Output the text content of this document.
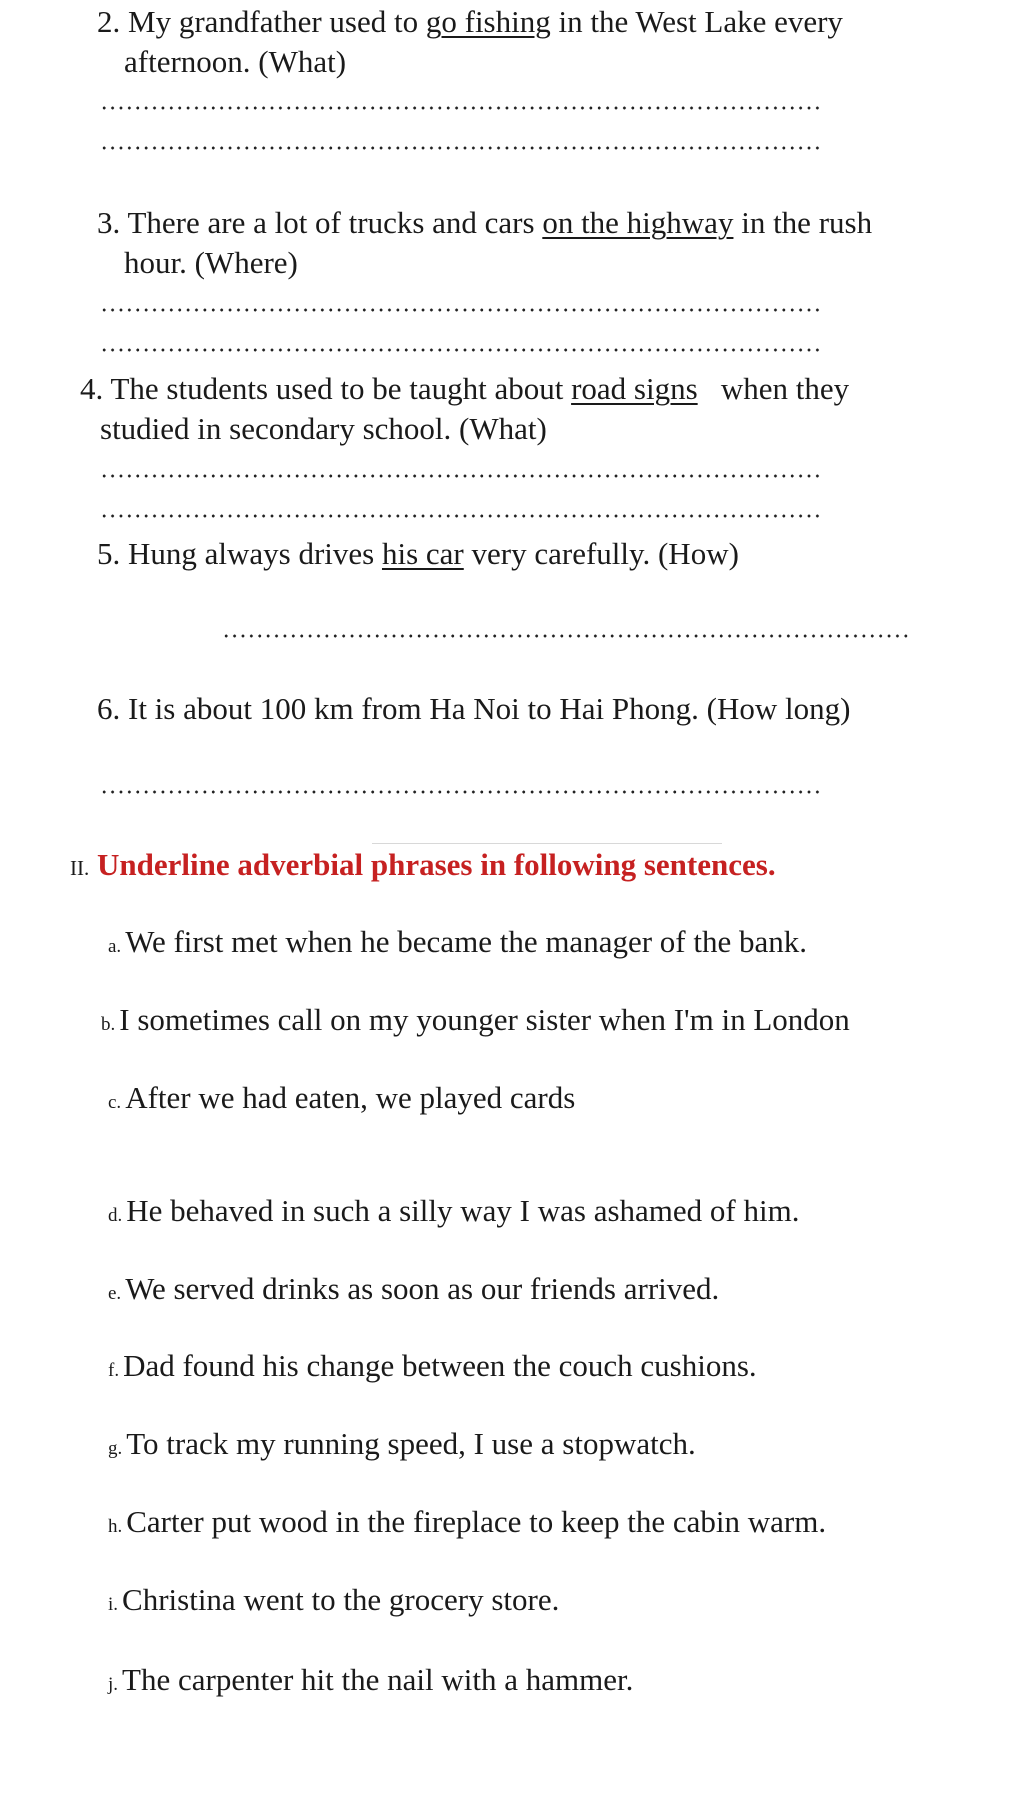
2. My grandfather used to go fishing in the West Lake every
afternoon. (What)
3. There are a lot of trucks and cars on the highway in the rush
hour. (Where)
4. The students used to be taught about road signs   when they
studied in secondary school. (What)
5. Hung always drives his car very carefully. (How)
6. It is about 100 km from Ha Noi to Hai Phong. (How long)
II. Underline adverbial phrases in following sentences.
a. We first met when he became the manager of the bank.
b. I sometimes call on my younger sister when I'm in London
c. After we had eaten, we played cards
d. He behaved in such a silly way I was ashamed of him.
e. We served drinks as soon as our friends arrived.
f. Dad found his change between the couch cushions.
g. To track my running speed, I use a stopwatch.
h. Carter put wood in the fireplace to keep the cabin warm.
i. Christina went to the grocery store.
j. The carpenter hit the nail with a hammer.
